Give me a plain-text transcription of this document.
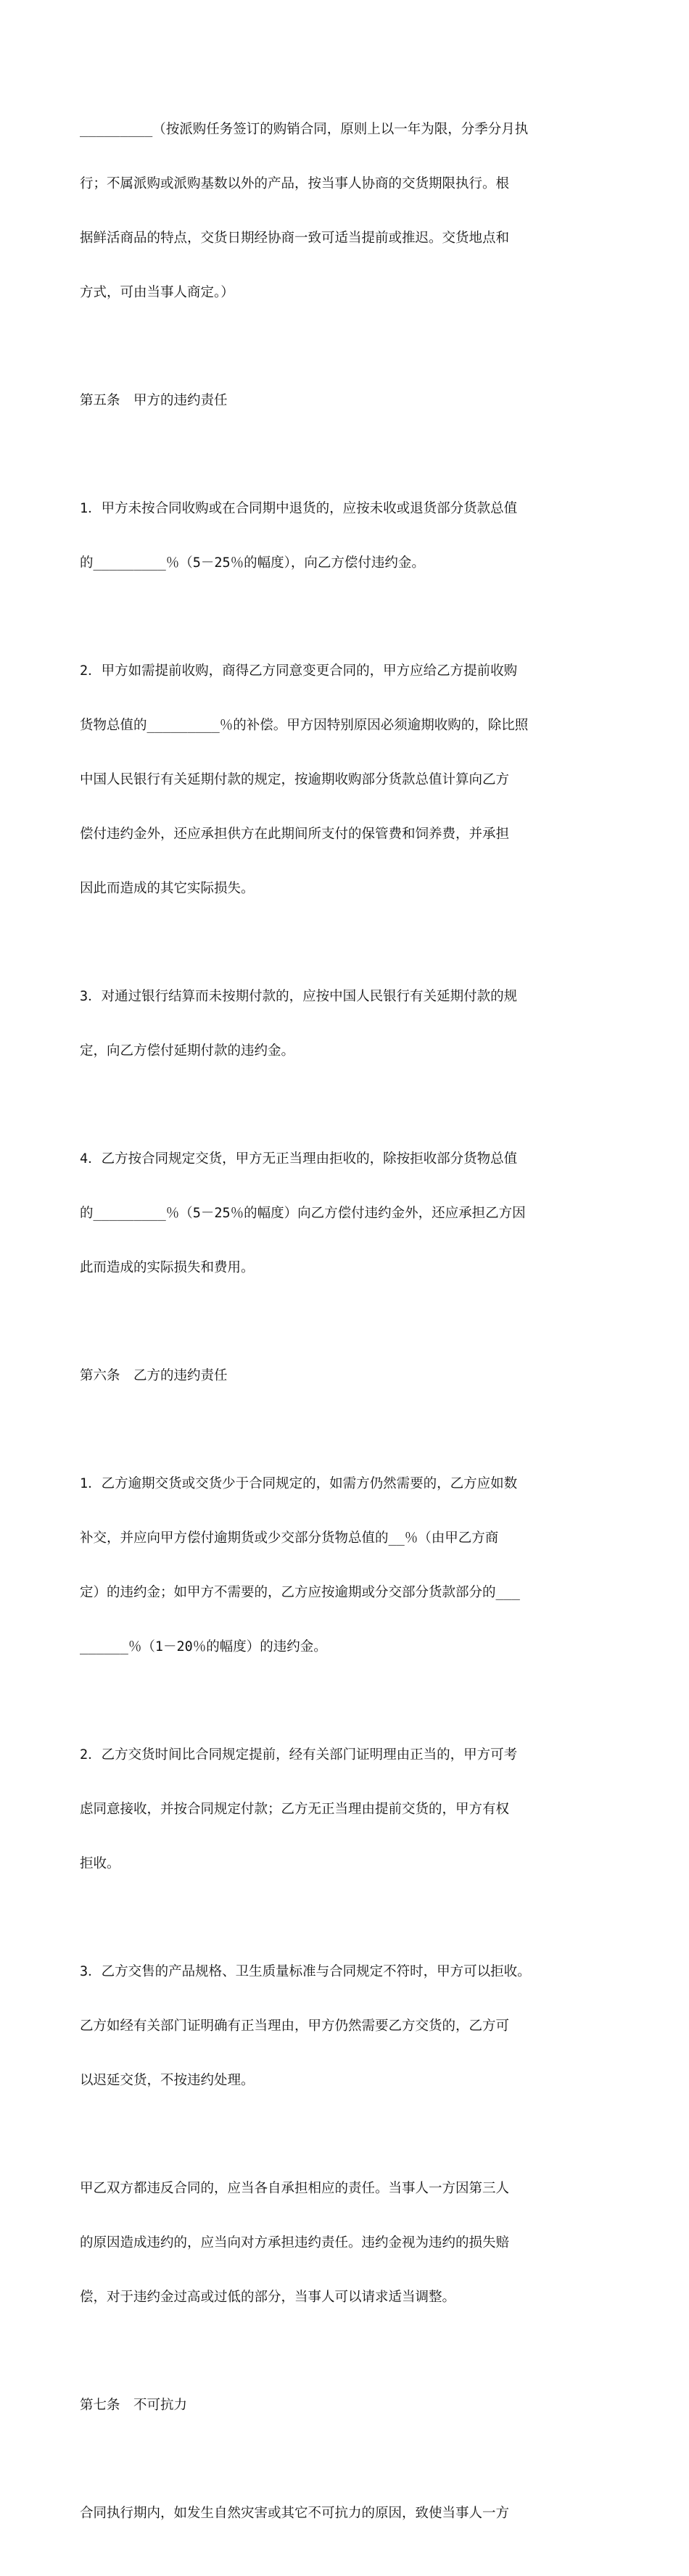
_________（按派购任务签订的购销合同，原则上以一年为限，分季分月执

行；不属派购或派购基数以外的产品，按当事人协商的交货期限执行。根

据鲜活商品的特点，交货日期经协商一致可适当提前或推迟。交货地点和

方式，可由当事人商定。）

第五条　甲方的违约责任

1．甲方未按合同收购或在合同期中退货的，应按未收或退货部分货款总值

的_________％（5－25％的幅度），向乙方偿付违约金。

2．甲方如需提前收购，商得乙方同意变更合同的，甲方应给乙方提前收购

货物总值的_________％的补偿。甲方因特别原因必须逾期收购的，除比照

中国人民银行有关延期付款的规定，按逾期收购部分货款总值计算向乙方

偿付违约金外，还应承担供方在此期间所支付的保管费和饲养费，并承担

因此而造成的其它实际损失。

3．对通过银行结算而未按期付款的，应按中国人民银行有关延期付款的规

定，向乙方偿付延期付款的违约金。

4．乙方按合同规定交货，甲方无正当理由拒收的，除按拒收部分货物总值

的_________％（5－25％的幅度）向乙方偿付违约金外，还应承担乙方因

此而造成的实际损失和费用。

第六条　乙方的违约责任

1．乙方逾期交货或交货少于合同规定的，如需方仍然需要的，乙方应如数

补交，并应向甲方偿付逾期货或少交部分货物总值的__％（由甲乙方商

定）的违约金；如甲方不需要的，乙方应按逾期或分交部分货款部分的___

______％（1－20％的幅度）的违约金。

2．乙方交货时间比合同规定提前，经有关部门证明理由正当的，甲方可考

虑同意接收，并按合同规定付款；乙方无正当理由提前交货的，甲方有权

拒收。

3．乙方交售的产品规格、卫生质量标准与合同规定不符时，甲方可以拒收。

乙方如经有关部门证明确有正当理由，甲方仍然需要乙方交货的，乙方可

以迟延交货，不按违约处理。

甲乙双方都违反合同的，应当各自承担相应的责任。当事人一方因第三人

的原因造成违约的，应当向对方承担违约责任。违约金视为违约的损失赔

偿，对于违约金过高或过低的部分，当事人可以请求适当调整。

第七条　不可抗力

合同执行期内，如发生自然灾害或其它不可抗力的原因，致使当事人一方
